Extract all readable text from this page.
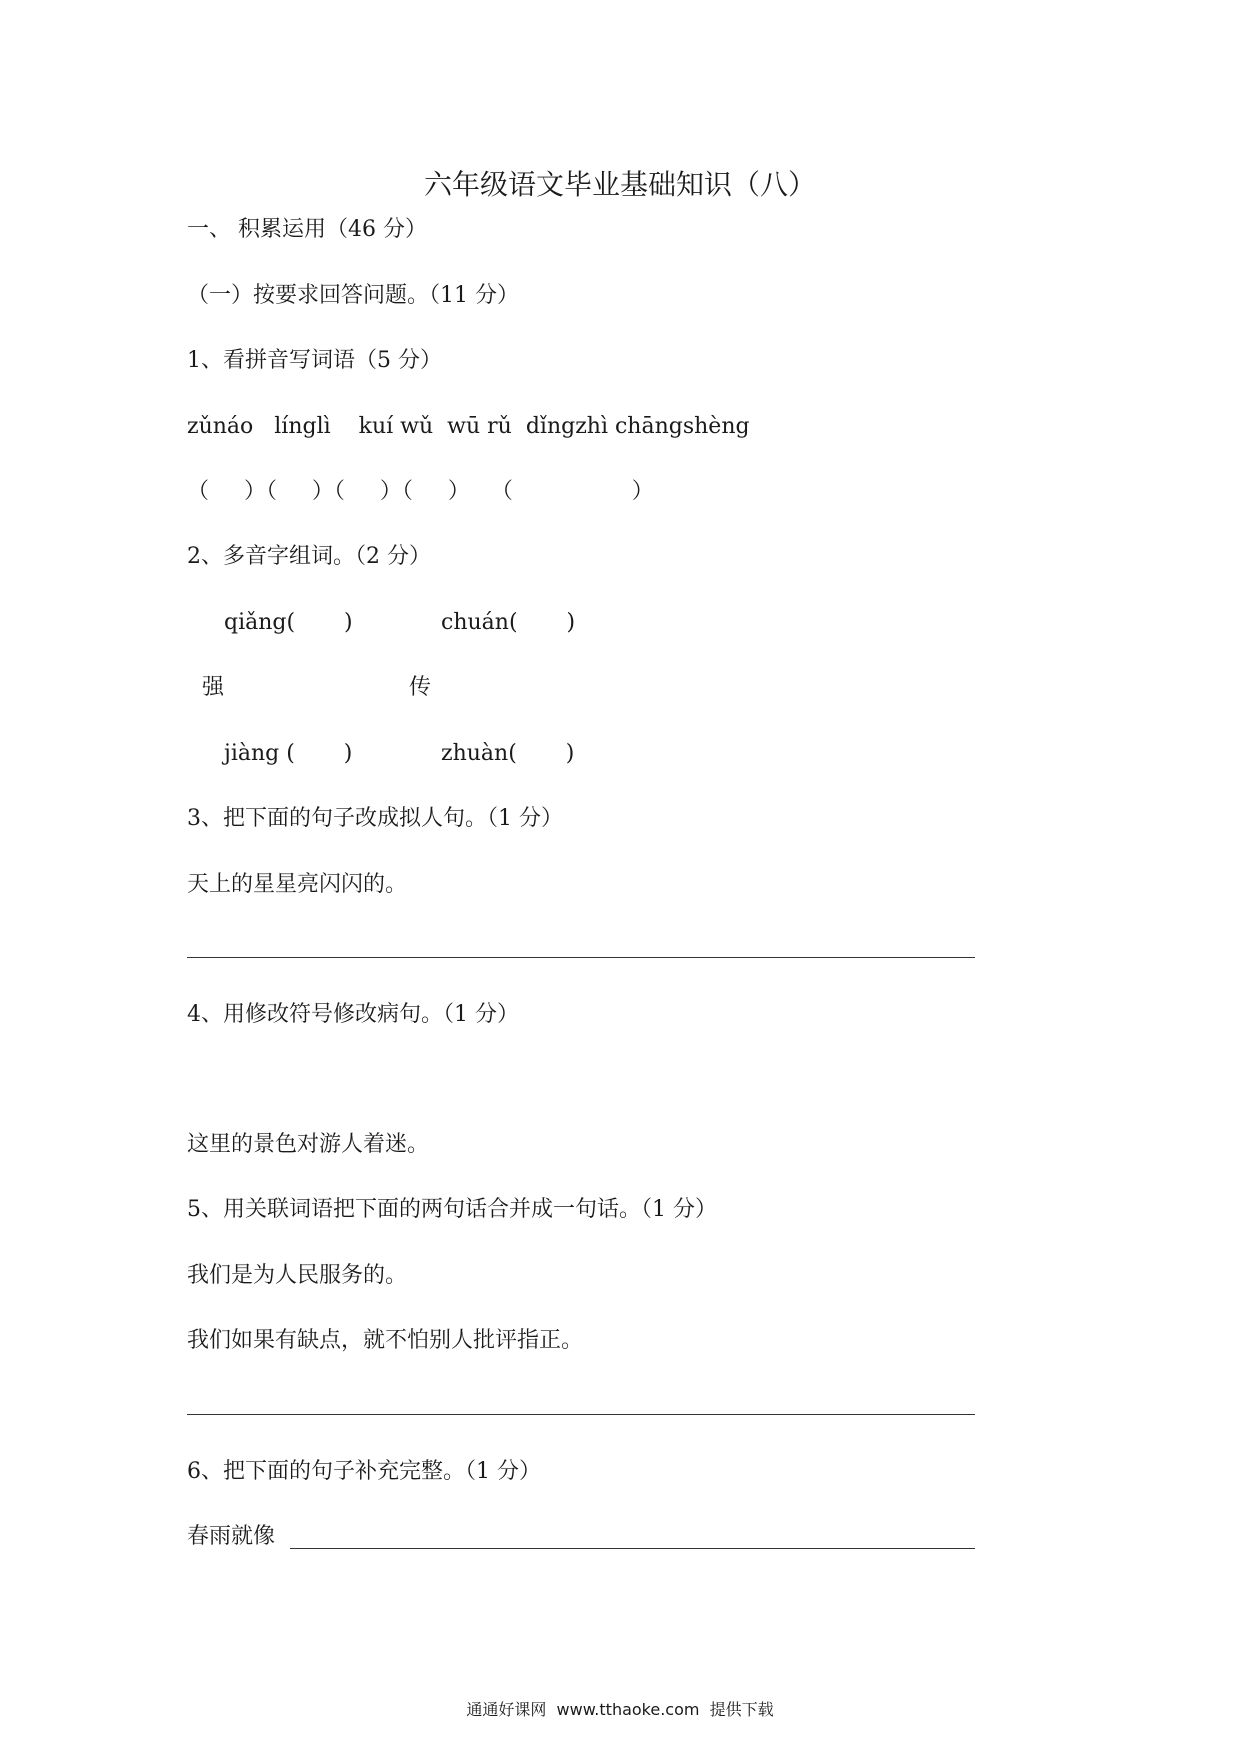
六年级语文毕业基础知识（八）
一、 积累运用（46 分）
（一）按要求回答问题。（11 分）
1、看拼音写词语（5 分）
zǔnáo   línglì    kuí wǔ  wū rǔ  dǐngzhì chāngshèng
（     ）（     ）（     ）（     ）   （                 ）
2、多音字组词。（2 分）
qiǎng(       )	chuán(       )
强	传
jiàng (       )	zhuàn(       )
3、把下面的句子改成拟人句。（1 分）
天上的星星亮闪闪的。
4、用修改符号修改病句。（1 分）
这里的景色对游人着迷。
5、用关联词语把下面的两句话合并成一句话。（1 分）
我们是为人民服务的。
我们如果有缺点，就不怕别人批评指正。
6、把下面的句子补充完整。（1 分）
春雨就像
通通好课网  www.tthaoke.com  提供下载
